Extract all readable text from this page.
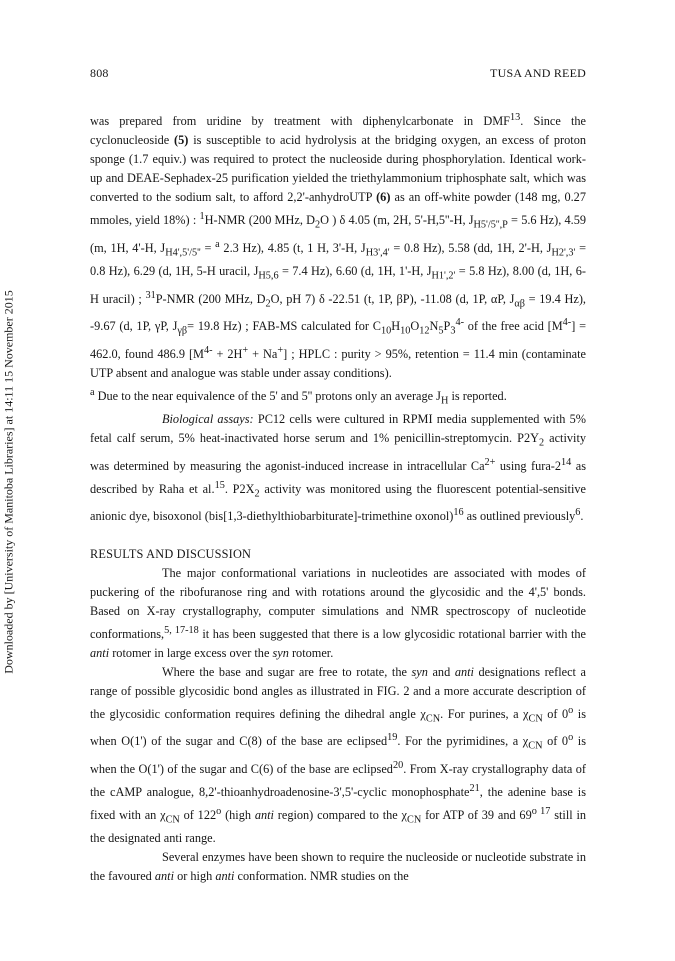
808	TUSA AND REED
Downloaded by [University of Manitoba Libraries] at 14:11 15 November 2015

was prepared from uridine by treatment with diphenylcarbonate in DMF$^{13}$. Since the cyclonucleoside (5) is susceptible to acid hydrolysis at the bridging oxygen, an excess of proton sponge (1.7 equiv.) was required to protect the nucleoside during phosphorylation. Identical work-up and DEAE-Sephadex-25 purification yielded the triethylammonium triphosphate salt, which was converted to the sodium salt, to afford 2,2'-anhydroUTP (6) as an off-white powder (148 mg, 0.27 mmoles, yield 18%) : $^1$H-NMR (200 MHz, $D_2O$ ) δ 4.05 (m, 2H, 5'-H,5''-H, $J_{H5'/5'',P} = 5.6$ Hz), 4.59 (m, 1H, 4'-H, $J_{H4',5'/5''} = ^a$ 2.3 Hz), 4.85 (t, 1 H, 3'-H, $J_{H3',4'} = 0.8$ Hz), 5.58 (dd, 1H, 2'-H, $J_{H2',3'} = 0.8$ Hz), 6.29 (d, 1H, 5-H uracil, $J_{H5,6} = 7.4$ Hz), 6.60 (d, 1H, 1'-H, $J_{H1',2'} = 5.8$ Hz), 8.00 (d, 1H, 6-H uracil) ; $^{31}$P-NMR (200 MHz, $D_2O$, pH 7) δ -22.51 (t, 1P, βP), -11.08 (d, 1P, αP, $J_{\alpha\beta} = 19.4$ Hz), -9.67 (d, 1P, γP, $J_{\gamma\beta}= 19.8$ Hz) ; FAB-MS calculated for $C_{10}H_{10}O_{12}N_5P_3^{4-}$ of the free acid $[M^{4-}] = 462.0$, found 486.9 $[M^{4-} + 2H^+ + Na^+]$ ; HPLC : purity > 95%, retention = 11.4 min (contaminate UTP absent and analogue was stable under assay conditions).

$^a$ Due to the near equivalence of the 5' and 5'' protons only an average $J_H$ is reported.

Biological assays: PC12 cells were cultured in RPMI media supplemented with 5% fetal calf serum, 5% heat-inactivated horse serum and 1% penicillin-streptomycin. $P2Y_2$ activity was determined by measuring the agonist-induced increase in intracellular $Ca^{2+}$ using fura-$2^{14}$ as described by Raha et al.$^{15}$. $P2X_2$ activity was monitored using the fluorescent potential-sensitive anionic dye, bisoxonol (bis[1,3-diethylthiobarbiturate]-trimethine oxonol)$^{16}$ as outlined previously$^6$.

RESULTS AND DISCUSSION

The major conformational variations in nucleotides are associated with modes of puckering of the ribofuranose ring and with rotations around the glycosidic and the 4',5' bonds. Based on X-ray crystallography, computer simulations and NMR spectroscopy of nucleotide conformations,$^{5, 17-18}$ it has been suggested that there is a low glycosidic rotational barrier with the anti rotomer in large excess over the syn rotomer.

Where the base and sugar are free to rotate, the syn and anti designations reflect a range of possible glycosidic bond angles as illustrated in FIG. 2 and a more accurate description of the glycosidic conformation requires defining the dihedral angle $\chi_{CN}$. For purines, a $\chi_{CN}$ of 0$^o$ is when O(1') of the sugar and C(8) of the base are eclipsed$^{19}$. For the pyrimidines, a $\chi_{CN}$ of 0$^o$ is when the O(1') of the sugar and C(6) of the base are eclipsed$^{20}$. From X-ray crystallography data of the cAMP analogue, 8,2'-thioanhydroadenosine-3',5'-cyclic monophosphate$^{21}$, the adenine base is fixed with an $\chi_{CN}$ of 122$^o$ (high anti region) compared to the $\chi_{CN}$ for ATP of 39 and $69^{o 17}$ still in the designated anti range.

Several enzymes have been shown to require the nucleoside or nucleotide substrate in the favoured anti or high anti conformation. NMR studies on the
